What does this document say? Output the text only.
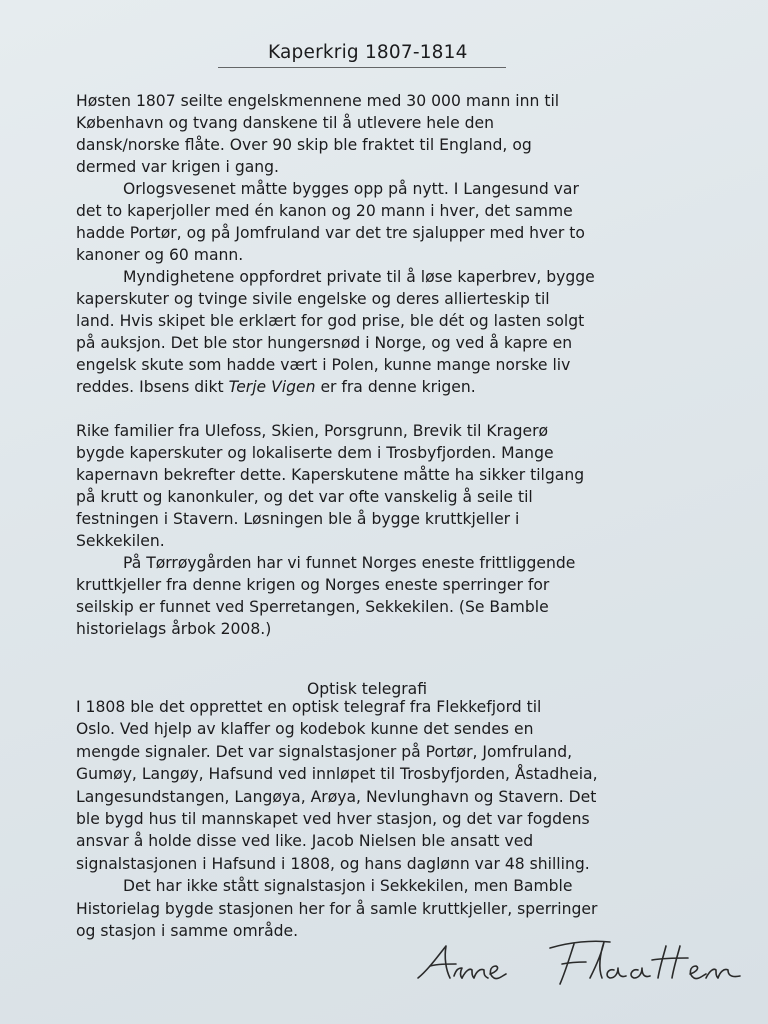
Kaperkrig 1807-1814
Høsten 1807 seilte engelskmennene med 30 000 mann inn til
København og tvang danskene til å utlevere hele den
dansk/norske flåte. Over 90 skip ble fraktet til England, og
dermed var krigen i gang.
Orlogsvesenet måtte bygges opp på nytt. I Langesund var
det to kaperjoller med én kanon og 20 mann i hver, det samme
hadde Portør, og på Jomfruland var det tre sjalupper med hver to
kanoner og 60 mann.
Myndighetene oppfordret private til å løse kaperbrev, bygge
kaperskuter og tvinge sivile engelske og deres allierteskip til
land. Hvis skipet ble erklært for god prise, ble dét og lasten solgt
på auksjon. Det ble stor hungersnød i Norge, og ved å kapre en
engelsk skute som hadde vært i Polen, kunne mange norske liv
reddes. Ibsens dikt Terje Vigen er fra denne krigen.
Rike familier fra Ulefoss, Skien, Porsgrunn, Brevik til Kragerø
bygde kaperskuter og lokaliserte dem i Trosbyfjorden. Mange
kapernavn bekrefter dette. Kaperskutene måtte ha sikker tilgang
på krutt og kanonkuler, og det var ofte vanskelig å seile til
festningen i Stavern. Løsningen ble å bygge kruttkjeller i
Sekkekilen.
På Tørrøygården har vi funnet Norges eneste frittliggende
kruttkjeller fra denne krigen og Norges eneste sperringer for
seilskip er funnet ved Sperretangen, Sekkekilen. (Se Bamble
historielags årbok 2008.)
Optisk telegrafi
I 1808 ble det opprettet en optisk telegraf fra Flekkefjord til
Oslo. Ved hjelp av klaffer og kodebok kunne det sendes en
mengde signaler. Det var signalstasjoner på Portør, Jomfruland,
Gumøy, Langøy, Hafsund ved innløpet til Trosbyfjorden, Åstadheia,
Langesundstangen, Langøya, Arøya, Nevlunghavn og Stavern. Det
ble bygd hus til mannskapet ved hver stasjon, og det var fogdens
ansvar å holde disse ved like. Jacob Nielsen ble ansatt ved
signalstasjonen i Hafsund i 1808, og hans daglønn var 48 shilling.
Det har ikke stått signalstasjon i Sekkekilen, men Bamble
Historielag bygde stasjonen her for å samle kruttkjeller, sperringer
og stasjon i samme område.
